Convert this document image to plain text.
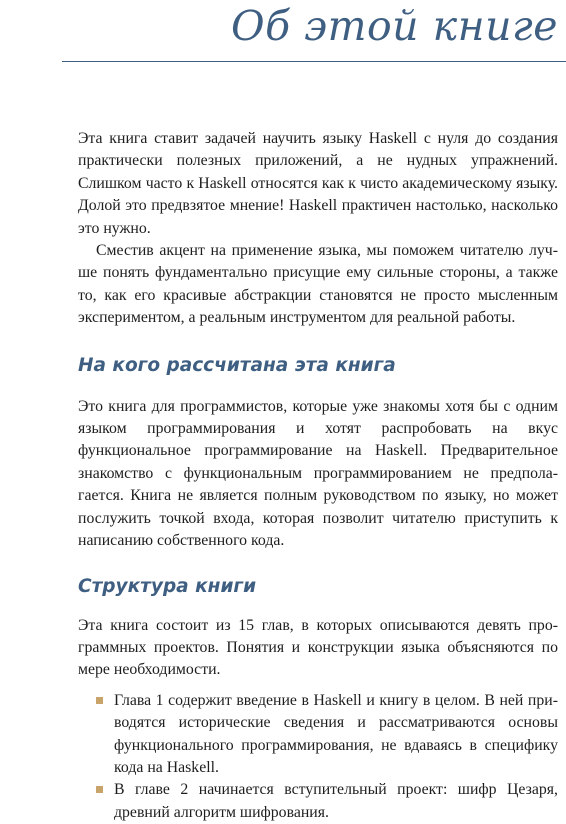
Об этой книге

Эта книга ставит задачей научить языку Haskell с нуля до создания практически полезных приложений, а не нудных упражнений. Слишком часто к Haskell относятся как к чисто академическому языку. Долой это предвзятое мнение! Haskell практичен настолько, насколько это нужно.

Сместив акцент на применение языка, мы поможем читателю лучше понять фундаментально присущие ему сильные стороны, а также то, как его красивые абстракции становятся не просто мысленным экспериментом, а реальным инструментом для реальной работы.

На кого рассчитана эта книга

Это книга для программистов, которые уже знакомы хотя бы с одним языком программирования и хотят распробовать на вкус функциональное программирование на Haskell. Предварительное знакомство с функциональным программированием не предполагается. Книга не является полным руководством по языку, но может послужить точкой входа, которая позволит читателю приступить к написанию собственного кода.

Структура книги

Эта книга состоит из 15 глав, в которых описываются девять программных проектов. Понятия и конструкции языка объясняются по мере необходимости.

Глава 1 содержит введение в Haskell и книгу в целом. В ней приводятся исторические сведения и рассматриваются основы функционального программирования, не вдаваясь в специфику кода на Haskell.

В главе 2 начинается вступительный проект: шифр Цезаря, древний алгоритм шифрования.
